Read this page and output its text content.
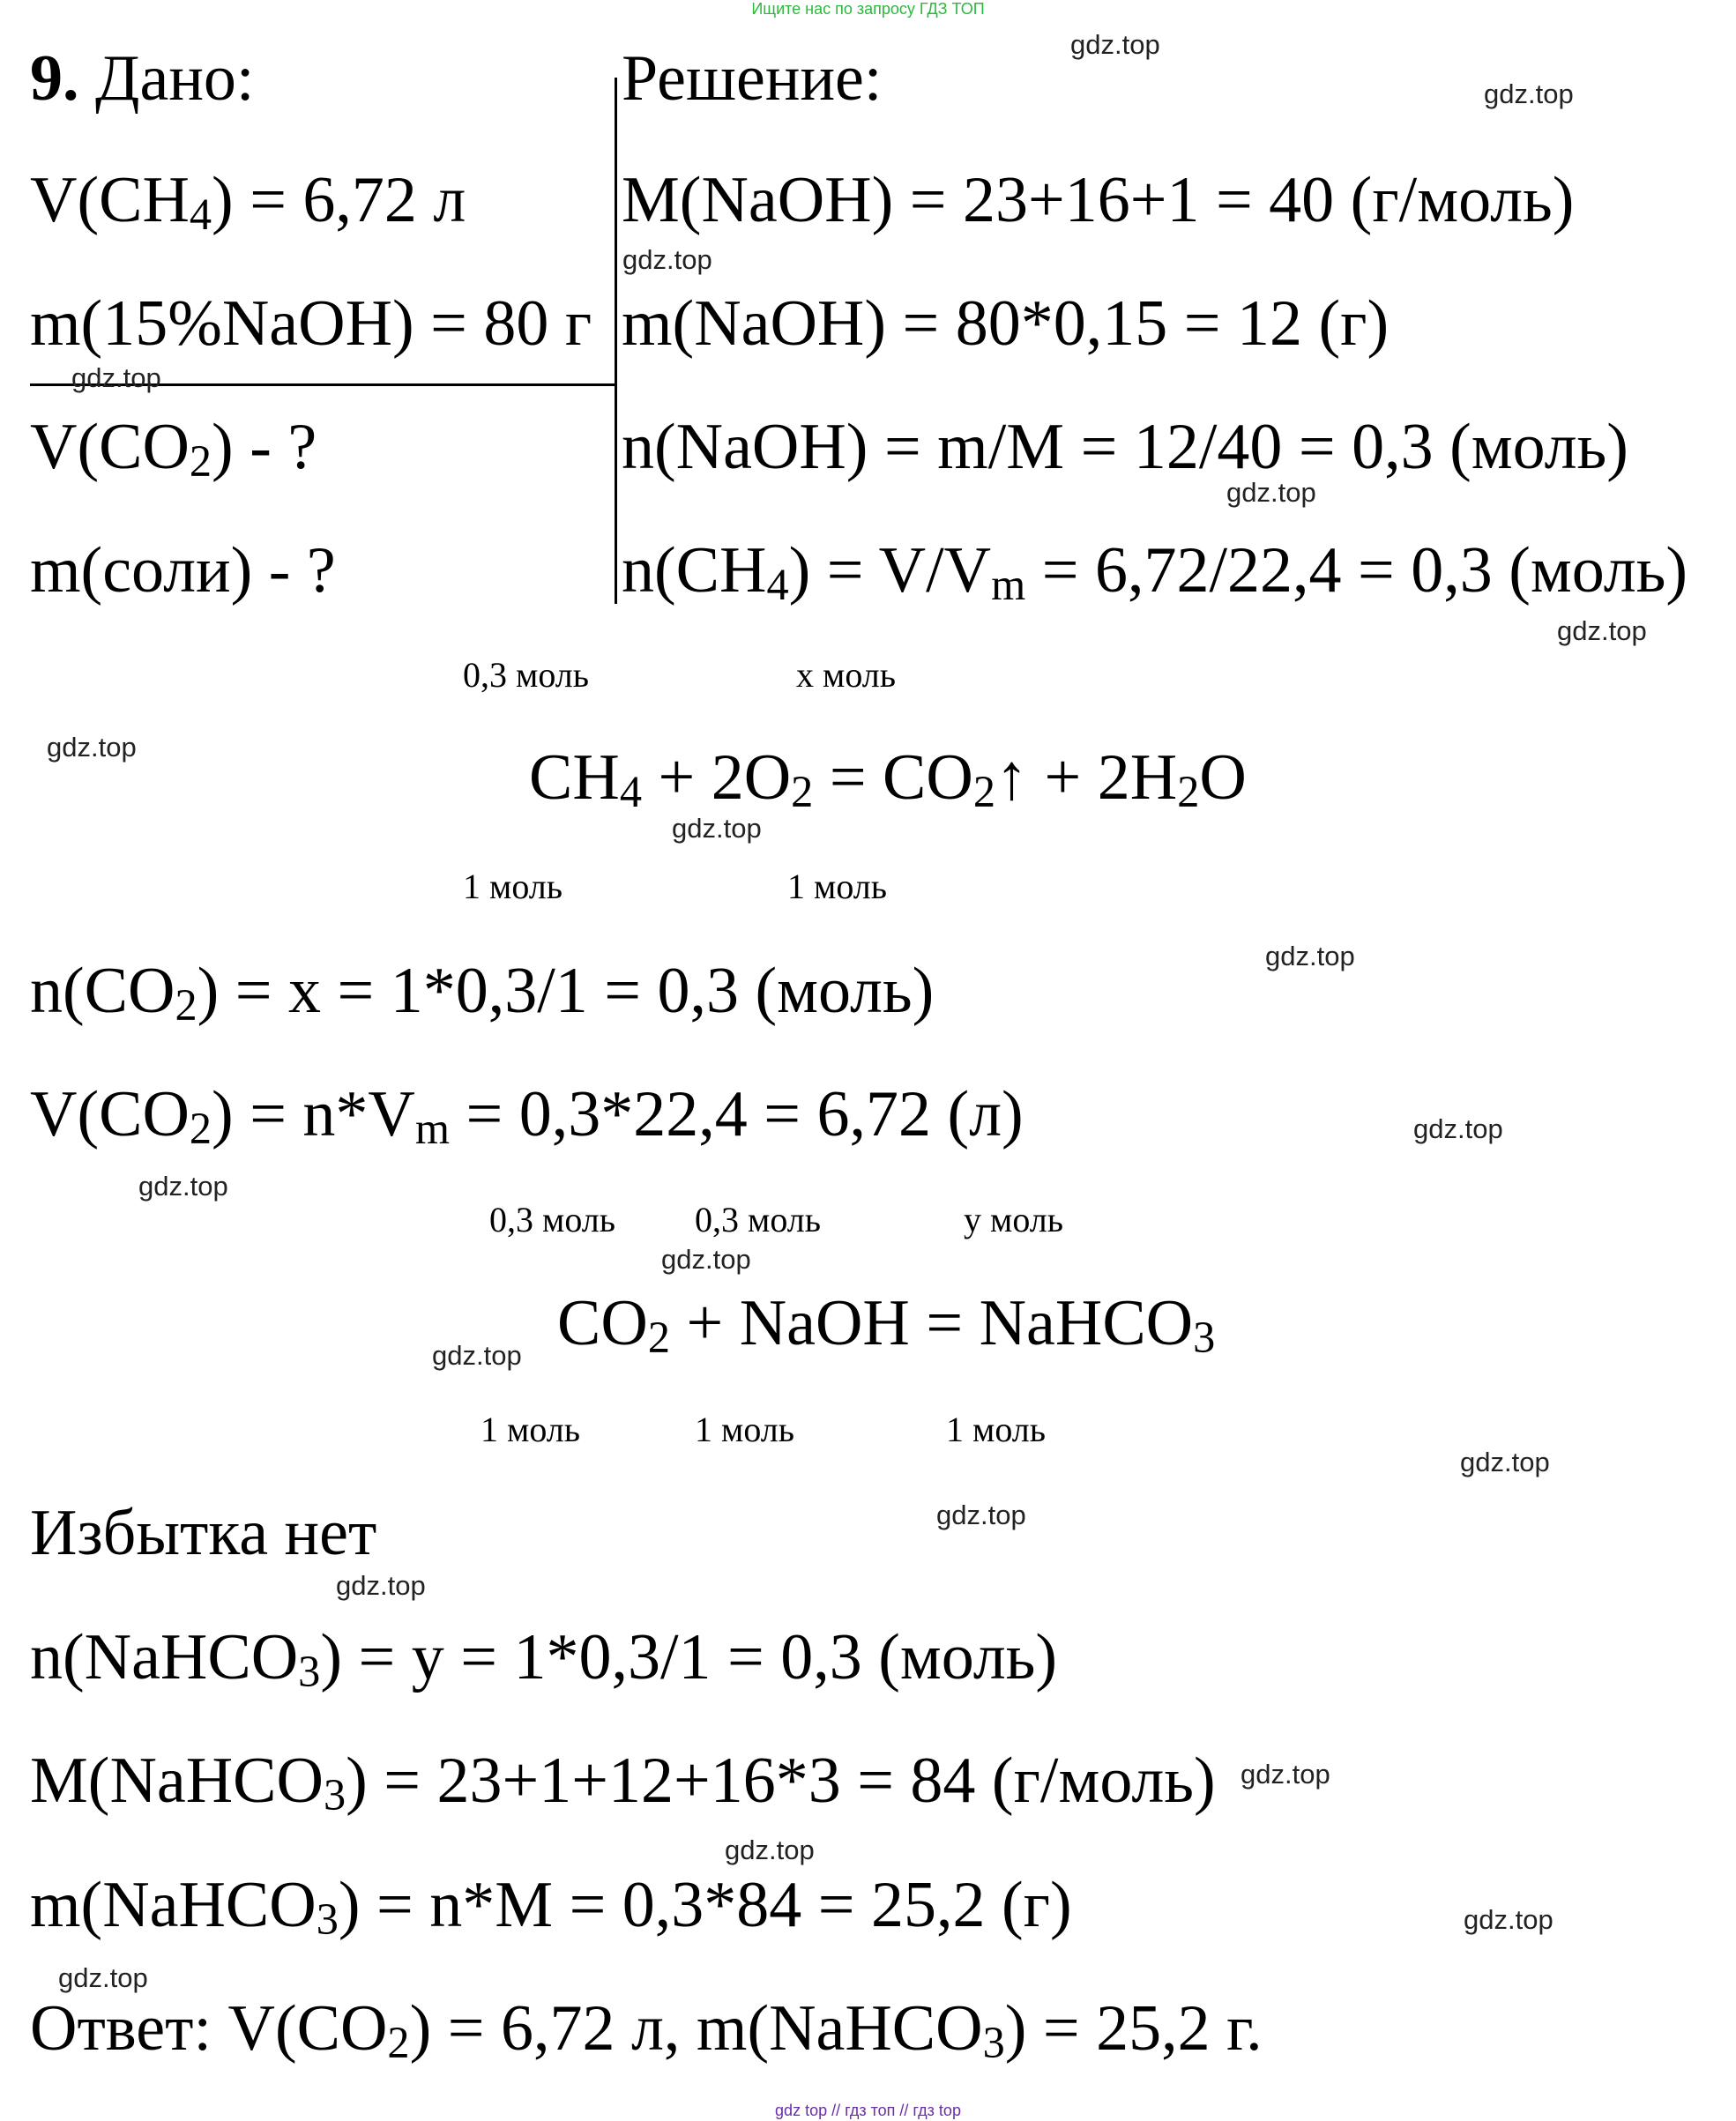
Ищите нас по запросу ГДЗ ТОП
9. Дано:	Решение:
V(CH4) = 6,72 л
m(15%NaOH) = 80 г
V(CO2) - ?
m(соли) - ?
M(NaOH) = 23+16+1 = 40 (г/моль)
m(NaOH) = 80*0,15 = 12 (г)
n(NaOH) = m/M = 12/40 = 0,3 (моль)
n(CH4) = V/Vm = 6,72/22,4 = 0,3 (моль)
0,3 моль	x моль
CH4 + 2O2 = CO2↑ + 2H2O
1 моль	1 моль
n(CO2) = x = 1*0,3/1 = 0,3 (моль)
V(CO2) = n*Vm = 0,3*22,4 = 6,72 (л)
0,3 моль 0,3 моль	y моль
CO2 + NaOH = NaHCO3
1 моль	1 моль	1 моль
Избытка нет
n(NaHCO3) = y = 1*0,3/1 = 0,3 (моль)
M(NaHCO3) = 23+1+12+16*3 = 84 (г/моль)
m(NaHCO3) = n*M = 0,3*84 = 25,2 (г)
Ответ: V(CO2) = 6,72 л, m(NaHCO3) = 25,2 г.
gdz.top
gdz.top
gdz.top
gdz.top
gdz.top
gdz.top
gdz.top
gdz.top
gdz.top
gdz.top
gdz.top
gdz.top
gdz.top
gdz.top
gdz.top
gdz.top
gdz.top
gdz.top
gdz.top
gdz.top
gdz top // гдз топ // гдз top
